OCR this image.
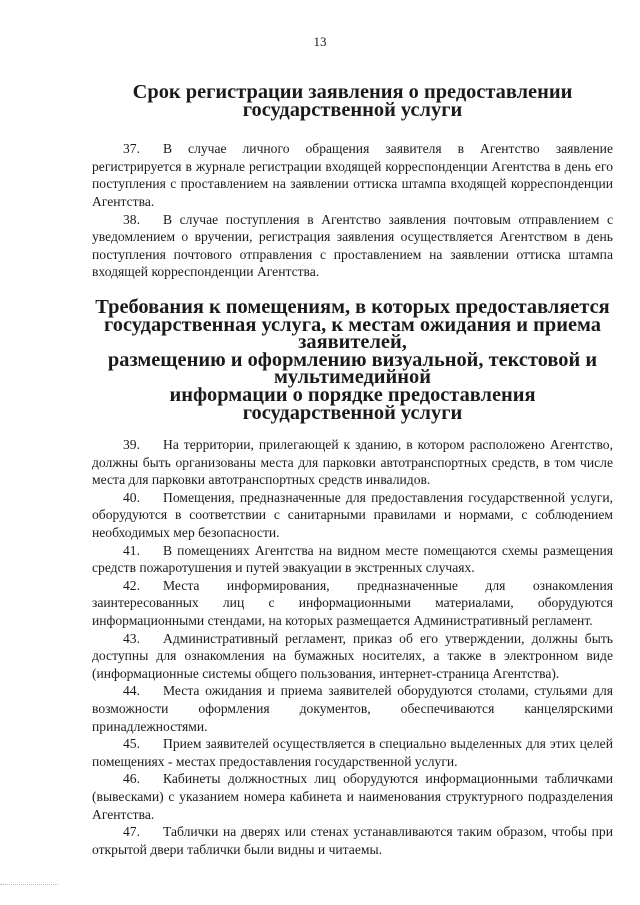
13
Срок регистрации заявления о предоставлении
государственной услуги

37. В случае личного обращения заявителя в Агентство заявление регистрируется в журнале регистрации входящей корреспонденции Агентства в день его поступления с проставлением на заявлении оттиска штампа входящей корреспонденции Агентства.

38. В случае поступления в Агентство заявления почтовым отправлением с уведомлением о вручении, регистрация заявления осуществляется Агентством в день поступления почтового отправления с проставлением на заявлении оттиска штампа входящей корреспонденции Агентства.

Требования к помещениям, в которых предоставляется
государственная услуга, к местам ожидания и приема заявителей,
размещению и оформлению визуальной, текстовой и мультимедийной
информации о порядке предоставления государственной услуги

39. На территории, прилегающей к зданию, в котором расположено Агентство, должны быть организованы места для парковки автотранспортных средств, в том числе места для парковки автотранспортных средств инвалидов.

40. Помещения, предназначенные для предоставления государственной услуги, оборудуются в соответствии с санитарными правилами и нормами, с соблюдением необходимых мер безопасности.

41. В помещениях Агентства на видном месте помещаются схемы размещения средств пожаротушения и путей эвакуации в экстренных случаях.

42. Места информирования, предназначенные для ознакомления заинтересованных лиц с информационными материалами, оборудуются информационными стендами, на которых размещается Административный регламент.

43. Административный регламент, приказ об его утверждении, должны быть доступны для ознакомления на бумажных носителях, а также в электронном виде (информационные системы общего пользования, интернет-страница Агентства).

44. Места ожидания и приема заявителей оборудуются столами, стульями для возможности оформления документов, обеспечиваются канцелярскими принадлежностями.

45. Прием заявителей осуществляется в специально выделенных для этих целей помещениях - местах предоставления государственной услуги.

46. Кабинеты должностных лиц оборудуются информационными табличками (вывесками) с указанием номера кабинета и наименования структурного подразделения Агентства.

47. Таблички на дверях или стенах устанавливаются таким образом, чтобы при открытой двери таблички были видны и читаемы.
